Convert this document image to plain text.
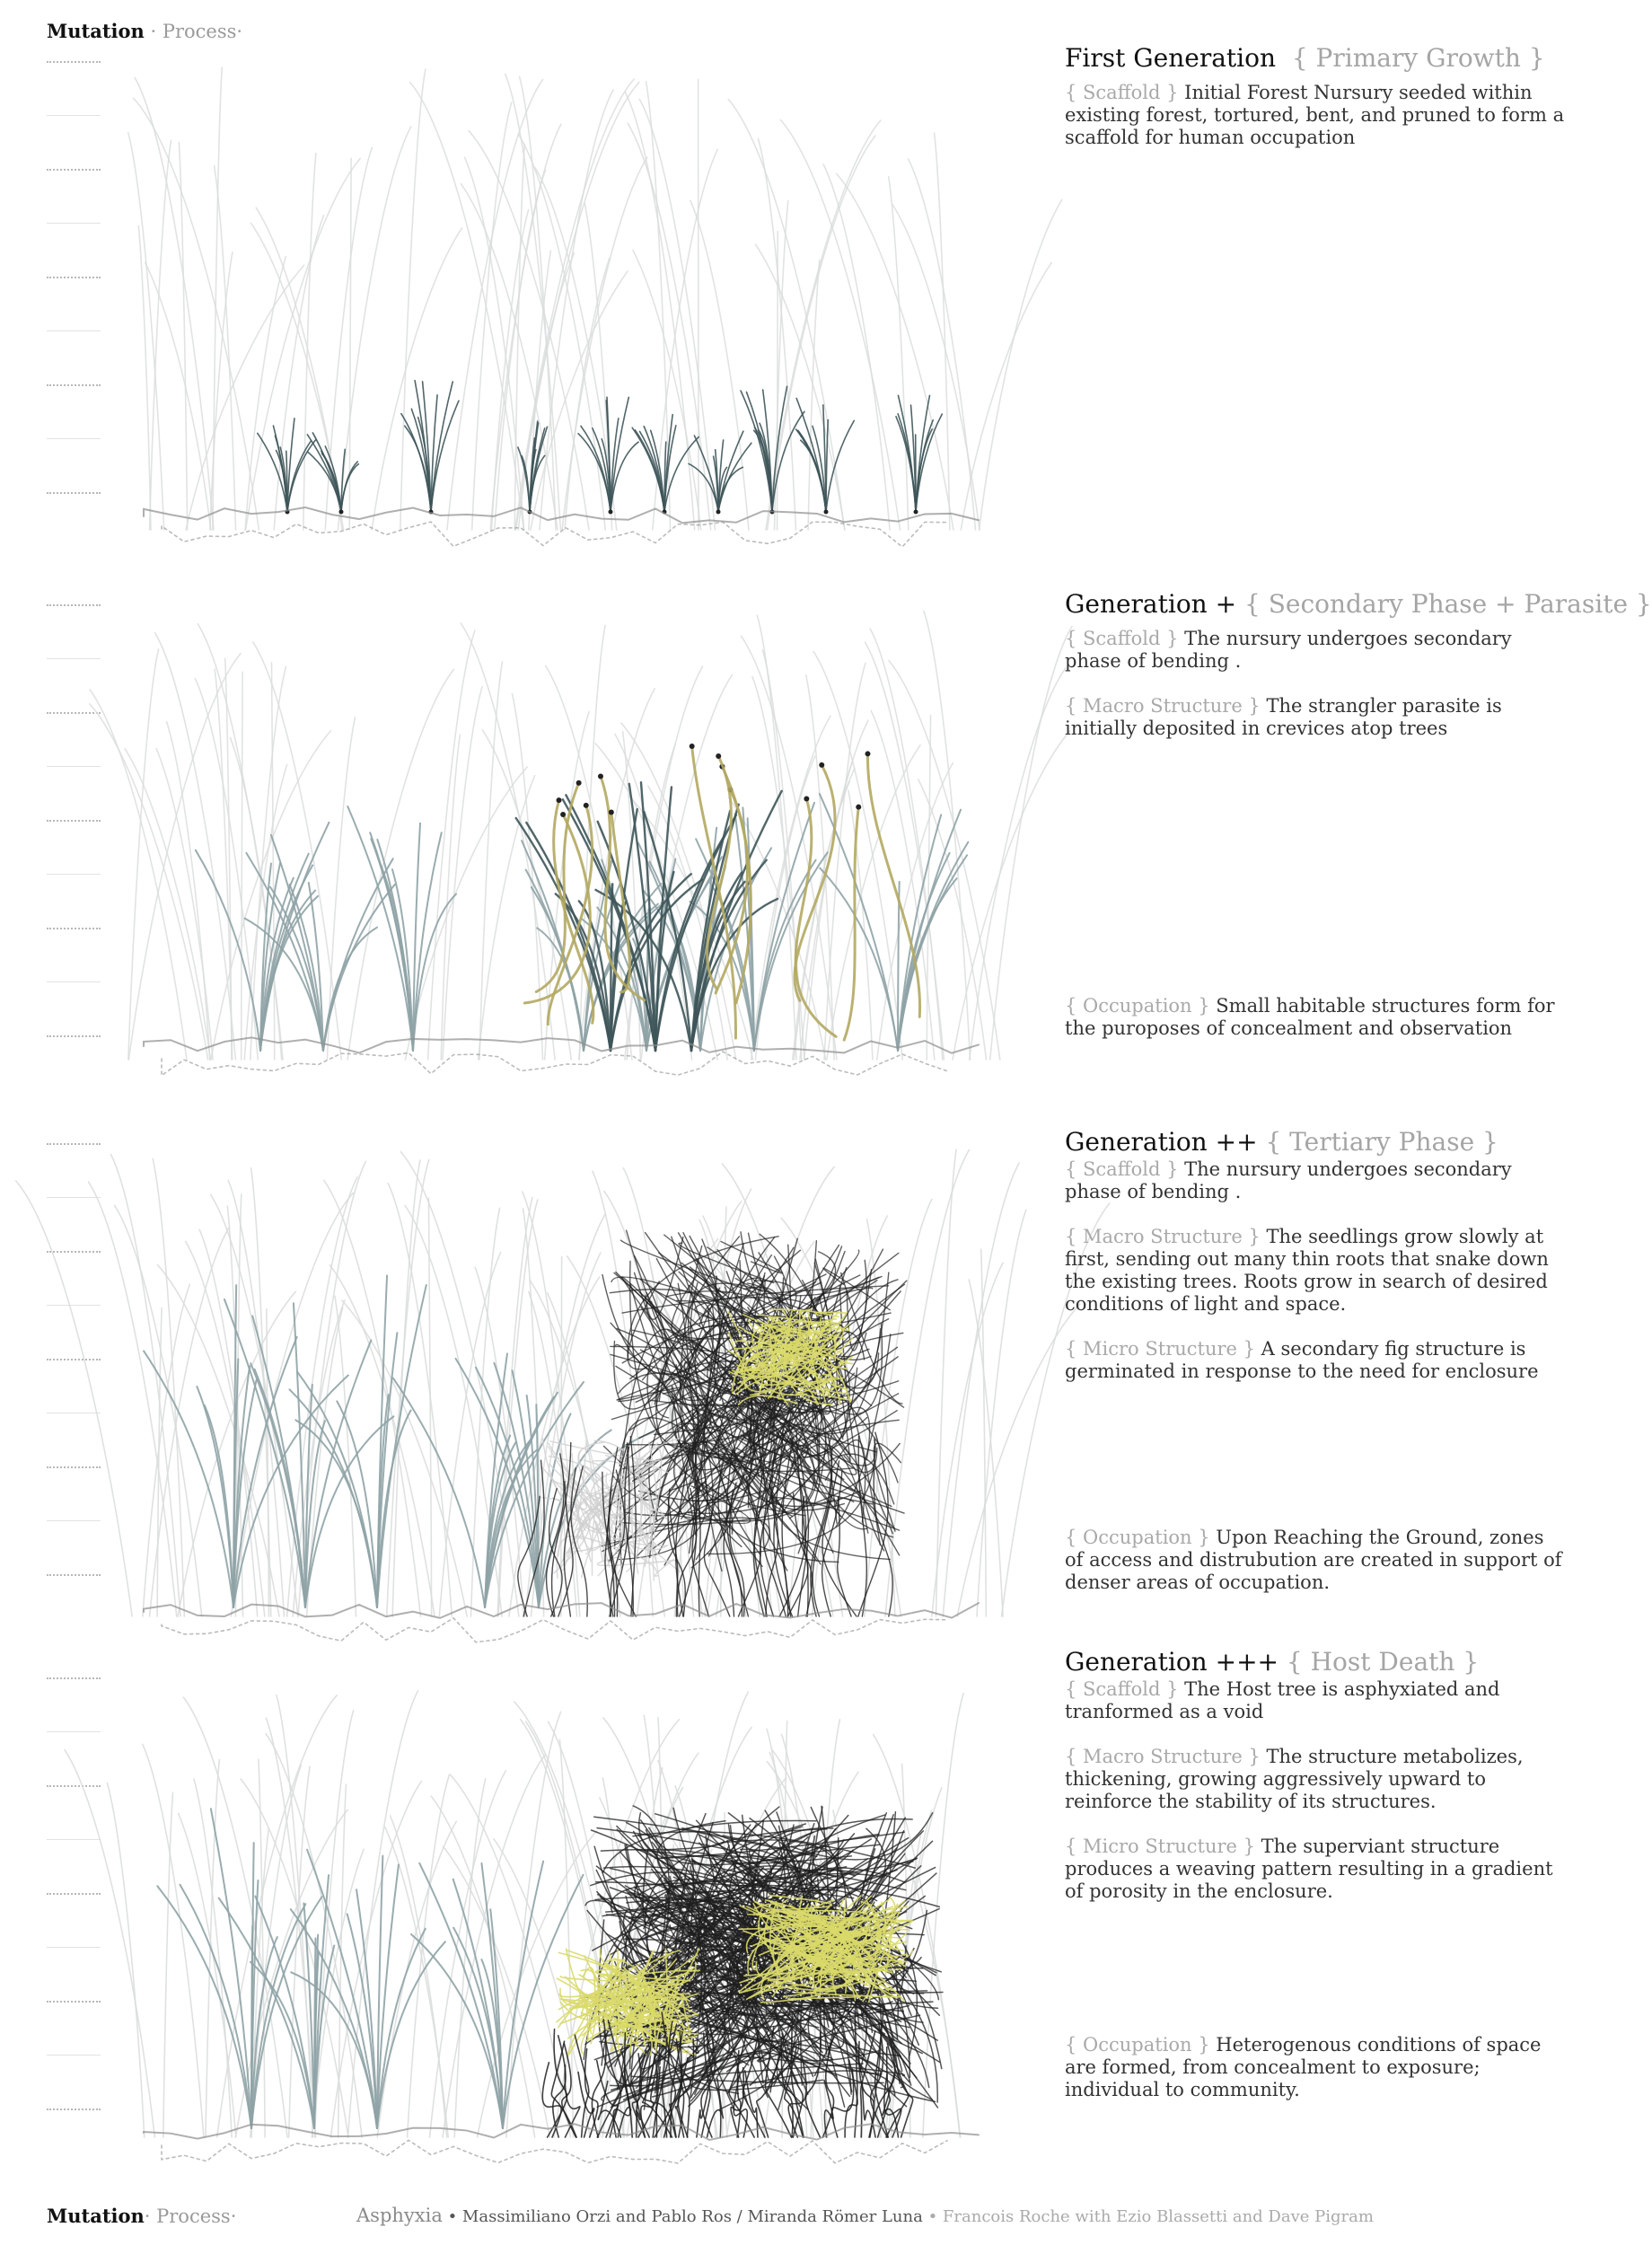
Mutation · Process·
First Generation { Primary Growth }

{ Scaffold } Initial Forest Nursury seeded within existing forest, tortured, bent, and pruned to form a scaffold for human occupation

Generation + { Secondary Phase + Parasite }

{ Scaffold } The nursury undergoes secondary phase of bending .

{ Macro Structure } The strangler parasite is initially deposited in crevices atop trees

{ Occupation } Small habitable structures form for the puroposes of concealment and observation
Generation ++ { Tertiary Phase }

{ Scaffold } The nursury undergoes secondary phase of bending .

{ Macro Structure } The seedlings grow slowly at first, sending out many thin roots that snake down the existing trees. Roots grow in search of desired conditions of light and space.

{ Micro Structure } A secondary fig structure is germinated in response to the need for enclosure

{ Occupation } Upon Reaching the Ground, zones of access and distrubution are created in support of denser areas of occupation.
Generation +++ { Host Death }

{ Scaffold } The Host tree is asphyxiated and tranformed as a void

{ Macro Structure } The structure metabolizes, thickening, growing aggressively upward to reinforce the stability of its structures.

{ Micro Structure } The superviant structure produces a weaving pattern resulting in a gradient of porosity in the enclosure.

{ Occupation } Heterogenous conditions of space are formed, from concealment to exposure; individual to community.
Mutation· Process·	Asphyxia • Massimiliano Orzi and Pablo Ros / Miranda Römer Luna • Francois Roche with Ezio Blassetti and Dave Pigram
